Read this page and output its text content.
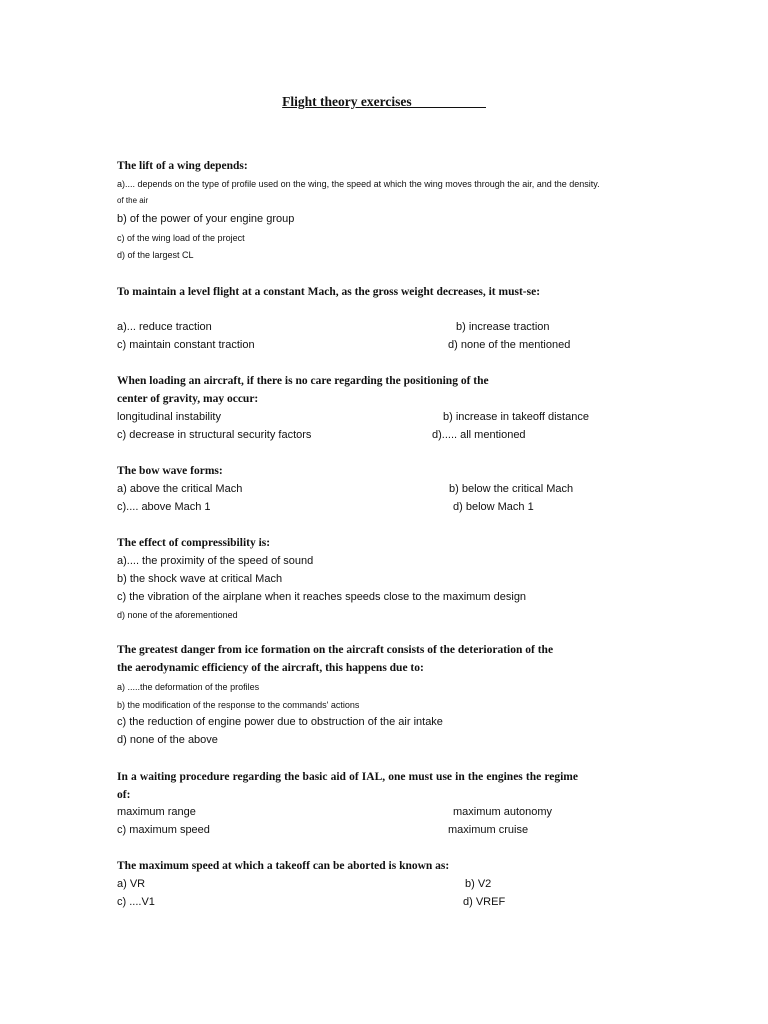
Flight theory exercises___________
The lift of a wing depends:
a).... depends on the type of profile used on the wing, the speed at which the wing moves through the air, and the density.
of the air
b) of the power of your engine group
c) of the wing load of the project
d) of the largest CL
To maintain a level flight at a constant Mach, as the gross weight decreases, it must-se:
a)... reduce traction	b) increase traction
c) maintain constant traction	d) none of the mentioned
When loading an aircraft, if there is no care regarding the positioning of the
center of gravity, may occur:
longitudinal instability	b) increase in takeoff distance
c) decrease in structural security factors	d)..... all mentioned
The bow wave forms:
a) above the critical Mach	b) below the critical Mach
c).... above Mach 1	d) below Mach 1
The effect of compressibility is:
a).... the proximity of the speed of sound
b) the shock wave at critical Mach
c) the vibration of the airplane when it reaches speeds close to the maximum design
d) none of the aforementioned
The greatest danger from ice formation on the aircraft consists of the deterioration of the
the aerodynamic efficiency of the aircraft, this happens due to:
a) .....the deformation of the profiles
b) the modification of the response to the commands' actions
c) the reduction of engine power due to obstruction of the air intake
d) none of the above
In a waiting procedure regarding the basic aid of IAL, one must use in the engines the regime of:
maximum range	maximum autonomy
c) maximum speed	maximum cruise
The maximum speed at which a takeoff can be aborted is known as:
a) VR	b) V2
c) ....V1	d) VREF
